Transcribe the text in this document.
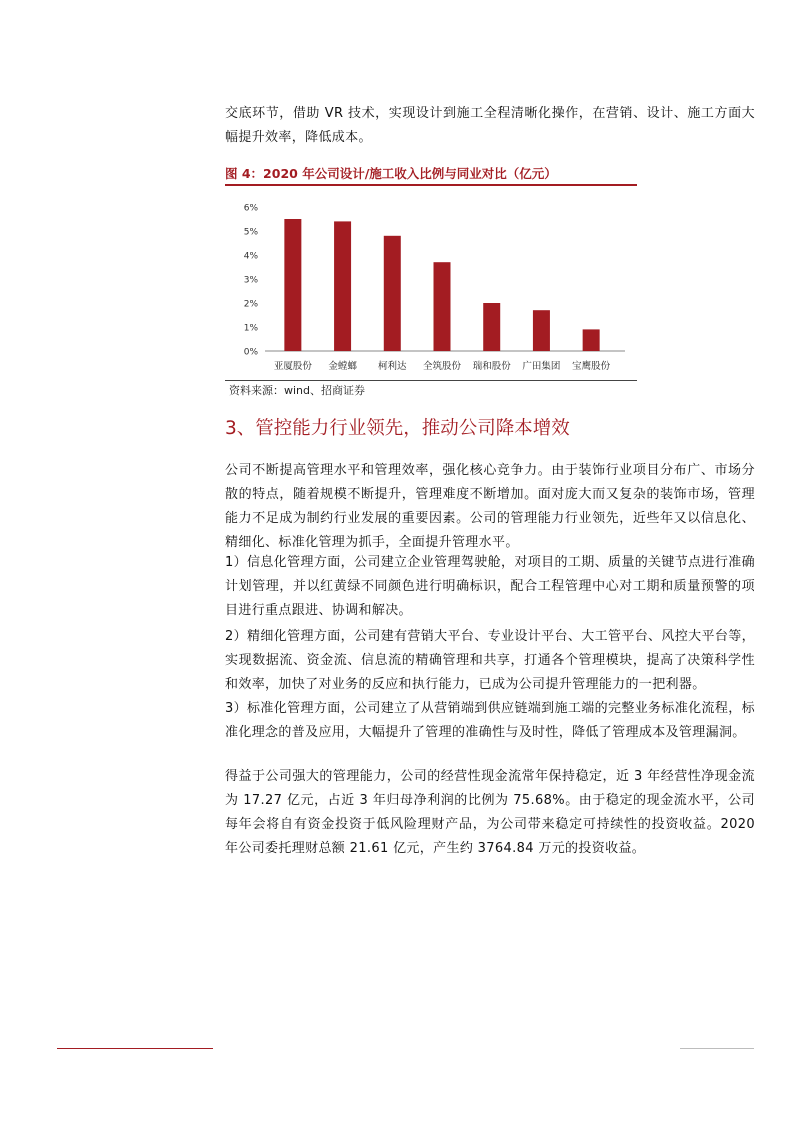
交底环节，借助 VR 技术，实现设计到施工全程清晰化操作，在营销、设计、施工方面大幅提升效率，降低成本。

图 4：2020 年公司设计/施工收入比例与同业对比（亿元）
0%
1%
2%
3%
4%
5%
6%
亚厦股份 金螳螂 柯利达 全筑股份 瑞和股份 广田集团 宝鹰股份
资料来源：wind、招商证券
3、管控能力行业领先，推动公司降本增效

公司不断提高管理水平和管理效率，强化核心竞争力。由于装饰行业项目分布广、市场分散的特点，随着规模不断提升，管理难度不断增加。面对庞大而又复杂的装饰市场，管理能力不足成为制约行业发展的重要因素。公司的管理能力行业领先，近些年又以信息化、精细化、标准化管理为抓手，全面提升管理水平。

1）信息化管理方面，公司建立企业管理驾驶舱，对项目的工期、质量的关键节点进行准确计划管理，并以红黄绿不同颜色进行明确标识，配合工程管理中心对工期和质量预警的项目进行重点跟进、协调和解决。

2）精细化管理方面，公司建有营销大平台、专业设计平台、大工管平台、风控大平台等，实现数据流、资金流、信息流的精确管理和共享，打通各个管理模块，提高了决策科学性和效率，加快了对业务的反应和执行能力，已成为公司提升管理能力的一把利器。

3）标准化管理方面，公司建立了从营销端到供应链端到施工端的完整业务标准化流程，标准化理念的普及应用，大幅提升了管理的准确性与及时性，降低了管理成本及管理漏洞。

得益于公司强大的管理能力，公司的经营性现金流常年保持稳定，近 3 年经营性净现金流为 17.27 亿元，占近 3 年归母净利润的比例为 75.68%。由于稳定的现金流水平，公司每年会将自有资金投资于低风险理财产品，为公司带来稳定可持续性的投资收益。2020 年公司委托理财总额 21.61 亿元，产生约 3764.84 万元的投资收益。
